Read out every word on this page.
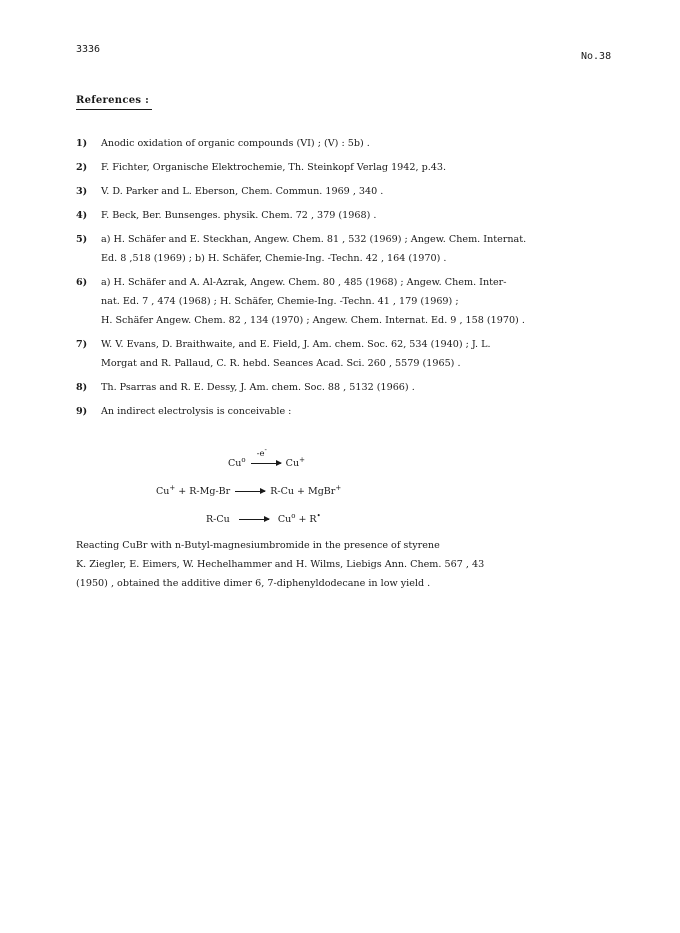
3336
No.38
References :
1) Anodic oxidation of organic compounds (VI) ; (V) : 5b) .
2) F. Fichter, Organische Elektrochemie, Th. Steinkopf Verlag 1942, p.43.
3) V. D. Parker and L. Eberson, Chem. Commun. 1969 , 340 .
4) F. Beck, Ber. Bunsenges. physik. Chem. 72 , 379 (1968) .
5) a) H. Schäfer and E. Steckhan, Angew. Chem. 81 , 532 (1969) ; Angew. Chem. Internat.
Ed. 8 ,518 (1969) ; b) H. Schäfer, Chemie-Ing. -Techn. 42 , 164 (1970) .
6) a) H. Schäfer and A. Al-Azrak, Angew. Chem. 80 , 485 (1968) ; Angew. Chem. Inter-
nat. Ed. 7 , 474 (1968) ; H. Schäfer, Chemie-Ing. -Techn. 41 , 179 (1969) ;
H. Schäfer Angew. Chem. 82 , 134 (1970) ; Angew. Chem. Internat. Ed. 9 , 158 (1970) .
7) W. V. Evans, D. Braithwaite, and E. Field, J. Am. chem. Soc. 62, 534 (1940) ; J. L.
Morgat and R. Pallaud, C. R. hebd. Seances Acad. Sci. 260 , 5579 (1965) .
8) Th. Psarras and R. E. Dessy, J. Am. chem. Soc. 88 , 5132 (1966) .
9) An indirect electrolysis is conceivable :
Cu$^o$
-e-
Cu+
Cu+ + R-Mg-Br → R-Cu + MgBr+
$R-Cu \to Cu^o + R^•$
Reacting CuBr with n-Butyl-magnesiumbromide in the presence of styrene
K. Ziegler, E. Eimers, W. Hechelhammer and H. Wilms, Liebigs Ann. Chem. 567 , 43
(1950) , obtained the additive dimer 6, 7-diphenyldodecane in low yield .
